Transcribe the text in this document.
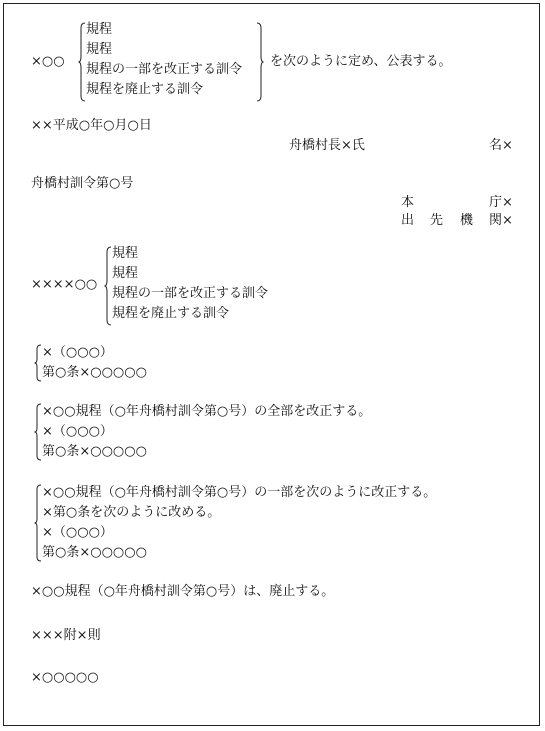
×○○
規程
規程
規程の一部を改正する訓令
規程を廃止する訓令
を次のように定め、公表する。
××平成○年○月○日
舟橋村長×氏	名×
舟橋村訓令第○号
本	庁×
出 先 機 関×
××××○○
規程
規程
規程の一部を改正する訓令
規程を廃止する訓令
×（○○○）
第○条×○○○○○
×○○規程（○年舟橋村訓令第○号）の全部を改正する。
×（○○○）
第○条×○○○○○
×○○規程（○年舟橋村訓令第○号）の一部を次のように改正する。
×第○条を次のように改める。
×（○○○）
第○条×○○○○○
×○○規程（○年舟橋村訓令第○号）は、廃止する。
×××附×則
×○○○○○
